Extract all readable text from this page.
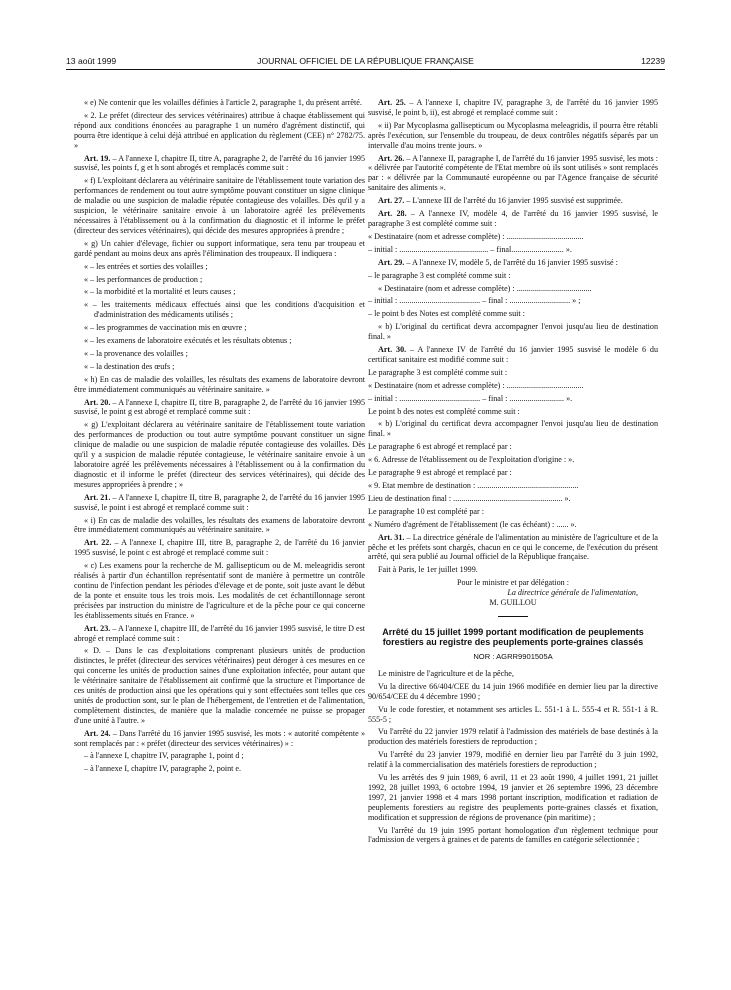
13 août 1999	JOURNAL OFFICIEL DE LA RÉPUBLIQUE FRANÇAISE	12239

« e) Ne contenir que les volailles définies à l'article 2, paragraphe 1, du présent arrêté.

« 2. Le préfet (directeur des services vétérinaires) attribue à chaque établissement qui répond aux conditions énoncées au paragraphe 1 un numéro d'agrément distinctif, qui pourra être identique à celui déjà attribué en application du règlement (CEE) n° 2782/75. »

Art. 19. – A l'annexe I, chapitre II, titre A, paragraphe 2, de l'arrêté du 16 janvier 1995 susvisé, les points f, g et h sont abrogés et remplacés comme suit :

« f) L'exploitant déclarera au vétérinaire sanitaire de l'établissement toute variation des performances de rendement ou tout autre symptôme pouvant constituer un signe clinique de maladie ou une suspicion de maladie réputée contagieuse des volailles. Dès qu'il y a suspicion, le vétérinaire sanitaire envoie à un laboratoire agréé les prélèvements nécessaires à l'établissement ou à la confirmation du diagnostic et il informe le préfet (directeur des services vétérinaires), qui décide des mesures appropriées à prendre ;

« g) Un cahier d'élevage, fichier ou support informatique, sera tenu par troupeau et gardé pendant au moins deux ans après l'élimination des troupeaux. Il indiquera :

« – les entrées et sorties des volailles ;

« – les performances de production ;

« – la morbidité et la mortalité et leurs causes ;

« – les traitements médicaux effectués ainsi que les conditions d'acquisition et d'administration des médicaments utilisés ;

« – les programmes de vaccination mis en œuvre ;

« – les examens de laboratoire exécutés et les résultats obtenus ;

« – la provenance des volailles ;

« – la destination des œufs ;

« h) En cas de maladie des volailles, les résultats des examens de laboratoire devront être immédiatement communiqués au vétérinaire sanitaire. »

Art. 20. – A l'annexe I, chapitre II, titre B, paragraphe 2, de l'arrêté du 16 janvier 1995 susvisé, le point g est abrogé et remplacé comme suit :

« g) L'exploitant déclarera au vétérinaire sanitaire de l'établissement toute variation des performances de production ou tout autre symptôme pouvant constituer un signe clinique de maladie ou une suspicion de maladie réputée contagieuse des volailles. Dès qu'il y a suspicion de maladie réputée contagieuse, le vétérinaire sanitaire envoie à un laboratoire agréé les prélèvements nécessaires à l'établissement ou à la confirmation du diagnostic et il informe le préfet (directeur des services vétérinaires), qui décide des mesures appropriées à prendre ; »

Art. 21. – A l'annexe I, chapitre II, titre B, paragraphe 2, de l'arrêté du 16 janvier 1995 susvisé, le point i est abrogé et remplacé comme suit :

« i) En cas de maladie des volailles, les résultats des examens de laboratoire devront être immédiatement communiqués au vétérinaire sanitaire. »

Art. 22. – A l'annexe I, chapitre III, titre B, paragraphe 2, de l'arrêté du 16 janvier 1995 susvisé, le point c est abrogé et remplacé comme suit :

« c) Les examens pour la recherche de M. gallisepticum ou de M. meleagridis seront réalisés à partir d'un échantillon représentatif sont de manière à permettre un contrôle continu de l'infection pendant les périodes d'élevage et de ponte, soit juste avant le début de la ponte et ensuite tous les trois mois. Les modalités de cet échantillonnage seront précisées par instruction du ministre de l'agriculture et de la pêche pour ce qui concerne les établissements situés en France. »

Art. 23. – A l'annexe I, chapitre III, de l'arrêté du 16 janvier 1995 susvisé, le titre D est abrogé et remplacé comme suit :

« D. – Dans le cas d'exploitations comprenant plusieurs unités de production distinctes, le préfet (directeur des services vétérinaires) peut déroger à ces mesures en ce qui concerne les unités de production saines d'une exploitation infectée, pour autant que le vétérinaire sanitaire de l'établissement ait confirmé que la structure et l'importance de ces unités de production ainsi que les opérations qui y sont effectuées sont telles que ces unités de production sont, sur le plan de l'hébergement, de l'entretien et de l'alimentation, complètement distinctes, de manière que la maladie concernée ne puisse se propager d'une unité à l'autre. »

Art. 24. – Dans l'arrêté du 16 janvier 1995 susvisé, les mots : « autorité compétente » sont remplacés par : « préfet (directeur des services vétérinaires) » :

– à l'annexe I, chapitre IV, paragraphe 1, point d ;

– à l'annexe I, chapitre IV, paragraphe 2, point e.

Art. 25. – A l'annexe I, chapitre IV, paragraphe 3, de l'arrêté du 16 janvier 1995 susvisé, le point b, ii), est abrogé et remplacé comme suit :

« ii) Par Mycoplasma gallisepticum ou Mycoplasma meleagridis, il pourra être rétabli après l'exécution, sur l'ensemble du troupeau, de deux contrôles négatifs séparés par un intervalle d'au moins trente jours. »

Art. 26. – A l'annexe II, paragraphe I, de l'arrêté du 16 janvier 1995 susvisé, les mots : « délivrée par l'autorité compétente de l'Etat membre où ils sont utilisés » sont remplacés par : « délivrée par la Communauté européenne ou par l'Agence française de sécurité sanitaire des aliments ».

Art. 27. – L'annexe III de l'arrêté du 16 janvier 1995 susvisé est supprimée.

Art. 28. – A l'annexe IV, modèle 4, de l'arrêté du 16 janvier 1995 susvisé, le paragraphe 3 est complété comme suit :

« Destinataire (nom et adresse complète) : ......................................

– initial : ............................................ – final.......................... ».

Art. 29. – A l'annexe IV, modèle 5, de l'arrêté du 16 janvier 1995 susvisé :

– le paragraphe 3 est complété comme suit :

« Destinataire (nom et adresse complète) : .....................................

– initial : ........................................ – final : .............................. » ;

– le point b des Notes est complété comme suit :

« b) L'original du certificat devra accompagner l'envoi jusqu'au lieu de destination final. »

Art. 30. – A l'annexe IV de l'arrêté du 16 janvier 1995 susvisé le modèle 6 du certificat sanitaire est modifié comme suit :

Le paragraphe 3 est complété comme suit :

« Destinataire (nom et adresse complète) : ......................................

– initial : ........................................ – final : ........................... ».

Le point b des notes est complété comme suit :

« b) L'original du certificat devra accompagner l'envoi jusqu'au lieu de destination final. »

Le paragraphe 6 est abrogé et remplacé par :

« 6. Adresse de l'établissement ou de l'exploitation d'origine : ».

Le paragraphe 9 est abrogé et remplacé par :

« 9. Etat membre de destination : ..................................................

Lieu de destination final : ...................................................... ».

Le paragraphe 10 est complété par :

« Numéro d'agrément de l'établissement (le cas échéant) : ...... ».

Art. 31. – La directrice générale de l'alimentation au ministère de l'agriculture et de la pêche et les préfets sont chargés, chacun en ce qui le concerne, de l'exécution du présent arrêté, qui sera publié au Journal officiel de la République française.

Fait à Paris, le 1er juillet 1999.

Pour le ministre et par délégation :

La directrice générale de l'alimentation,

M. GUILLOU

Arrêté du 15 juillet 1999 portant modification de peuplements forestiers au registre des peuplements porte-graines classés
NOR : AGRR9901505A

Le ministre de l'agriculture et de la pêche,

Vu la directive 66/404/CEE du 14 juin 1966 modifiée en dernier lieu par la directive 90/654/CEE du 4 décembre 1990 ;

Vu le code forestier, et notamment ses articles L. 551-1 à L. 555-4 et R. 551-1 à R. 555-5 ;

Vu l'arrêté du 22 janvier 1979 relatif à l'admission des matériels de base destinés à la production des matériels forestiers de reproduction ;

Vu l'arrêté du 23 janvier 1979, modifié en dernier lieu par l'arrêté du 3 juin 1992, relatif à la commercialisation des matériels forestiers de reproduction ;

Vu les arrêtés des 9 juin 1989, 6 avril, 11 et 23 août 1990, 4 juillet 1991, 21 juillet 1992, 28 juillet 1993, 6 octobre 1994, 19 janvier et 26 septembre 1996, 23 décembre 1997, 21 janvier 1998 et 4 mars 1998 portant inscription, modification et radiation de peuplements forestiers au registre des peuplements porte-graines classés et fixation, modification et suppression de régions de provenance (pin maritime) ;

Vu l'arrêté du 19 juin 1995 portant homologation d'un règlement technique pour l'admission de vergers à graines et de parents de familles en catégorie sélectionnée ;
